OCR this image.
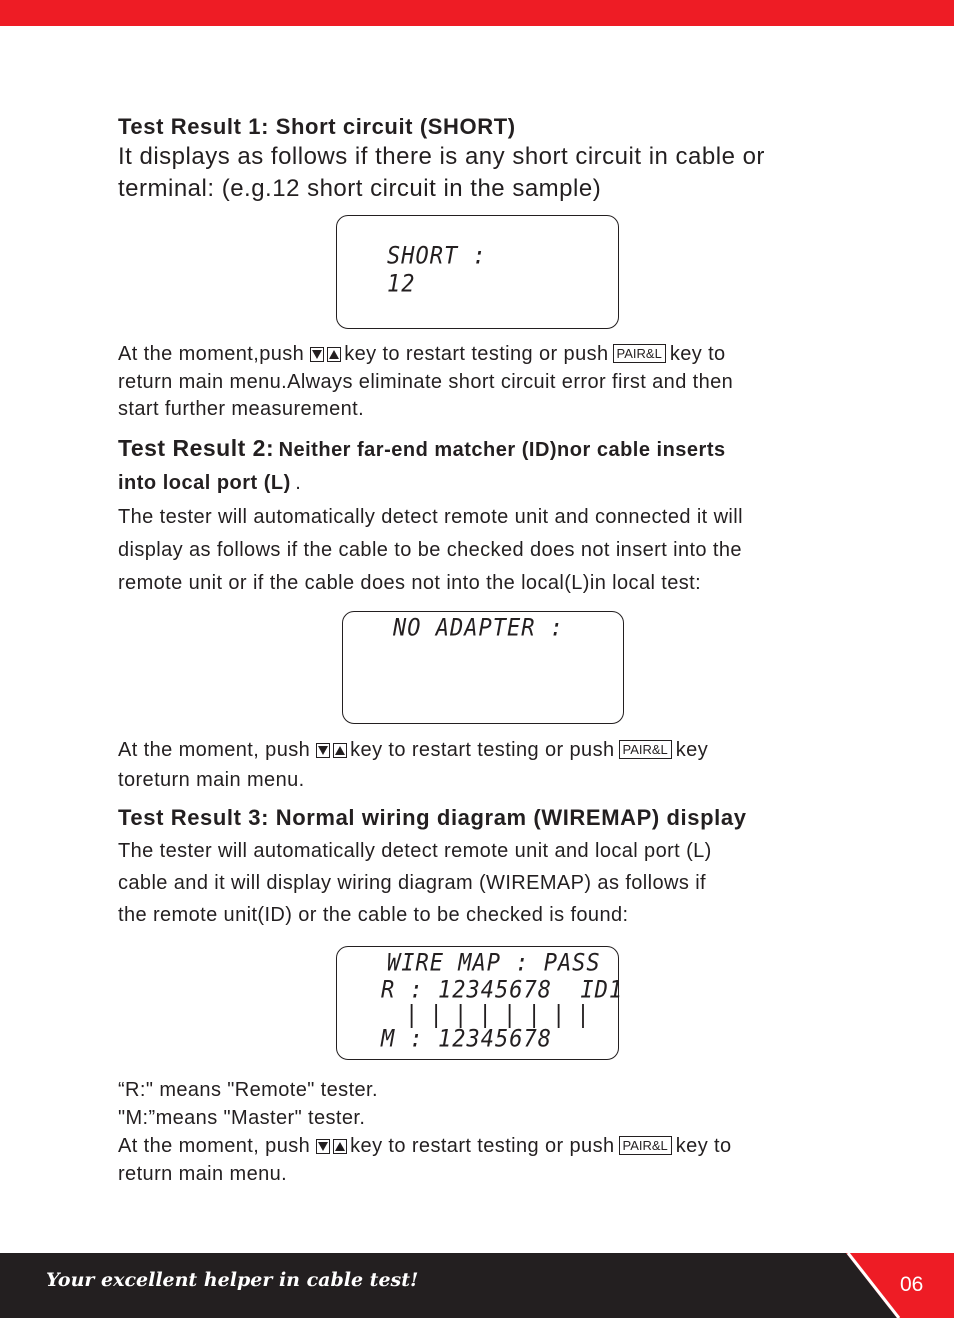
Test Result 1: Short circuit (SHORT)
It displays as follows if there is any short circuit in cable or
terminal: (e.g.12 short circuit in the sample)
SHORT :
12
At the moment,push key to restart testing or push PAIR&L key to
return main menu.Always eliminate short circuit error first and then
start further measurement.
Test Result 2: Neither far-end matcher (ID)nor cable inserts
into local port (L) .
The tester will automatically detect remote unit and connected it will
display as follows if the cable to be checked does not insert into the
remote unit or if the cable does not into the local(L)in local test:
NO ADAPTER :
At the moment, push key to restart testing or push PAIR&L key
toreturn main menu.
Test Result 3: Normal wiring diagram (WIREMAP) display
The tester will automatically detect remote unit and local port (L)
cable and it will display wiring diagram (WIREMAP) as follows if
the remote unit(ID) or the cable to be checked is found:
WIRE MAP : PASS
R : 12345678  ID1
| | | | | | | |
M : 12345678
“R:" means "Remote" tester.
"M:”means "Master" tester.
At the moment, push key to restart testing or push PAIR&L key to
return main menu.
Your excellent helper in cable test!	06
